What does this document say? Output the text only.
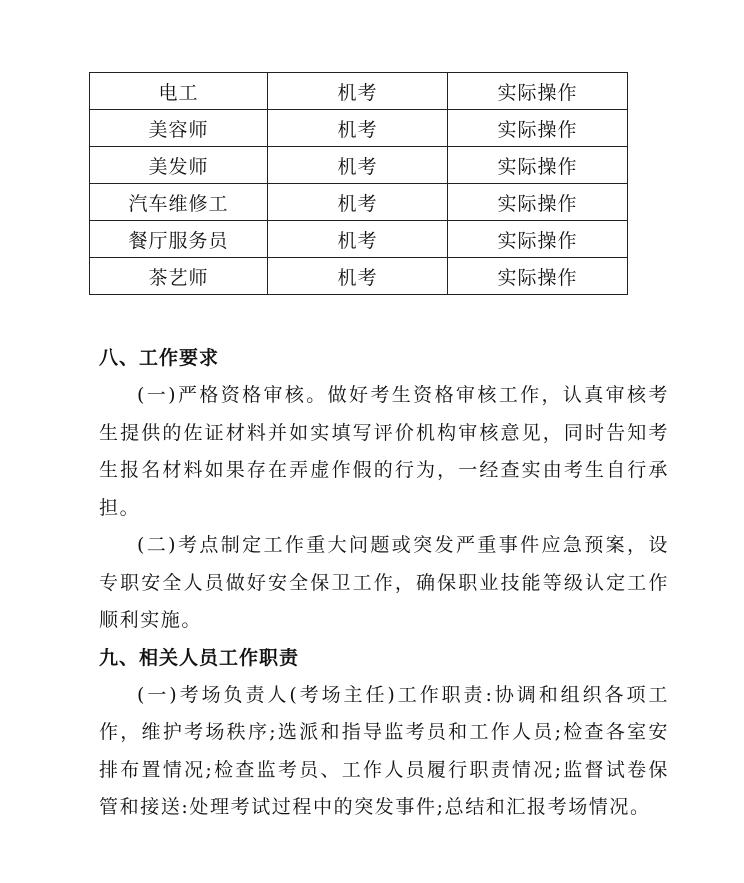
电工	机考	实际操作
美容师	机考	实际操作
美发师	机考	实际操作
汽车维修工	机考	实际操作
餐厅服务员	机考	实际操作
茶艺师	机考	实际操作

八、工作要求

(一)严格资格审核。做好考生资格审核工作，认真审核考生提供的佐证材料并如实填写评价机构审核意见，同时告知考生报名材料如果存在弄虚作假的行为，一经查实由考生自行承担。

(二)考点制定工作重大问题或突发严重事件应急预案，设专职安全人员做好安全保卫工作，确保职业技能等级认定工作顺利实施。

九、相关人员工作职责

(一)考场负责人(考场主任)工作职责:协调和组织各项工作，维护考场秩序;选派和指导监考员和工作人员;检查各室安排布置情况;检查监考员、工作人员履行职责情况;监督试卷保管和接送:处理考试过程中的突发事件;总结和汇报考场情况。
